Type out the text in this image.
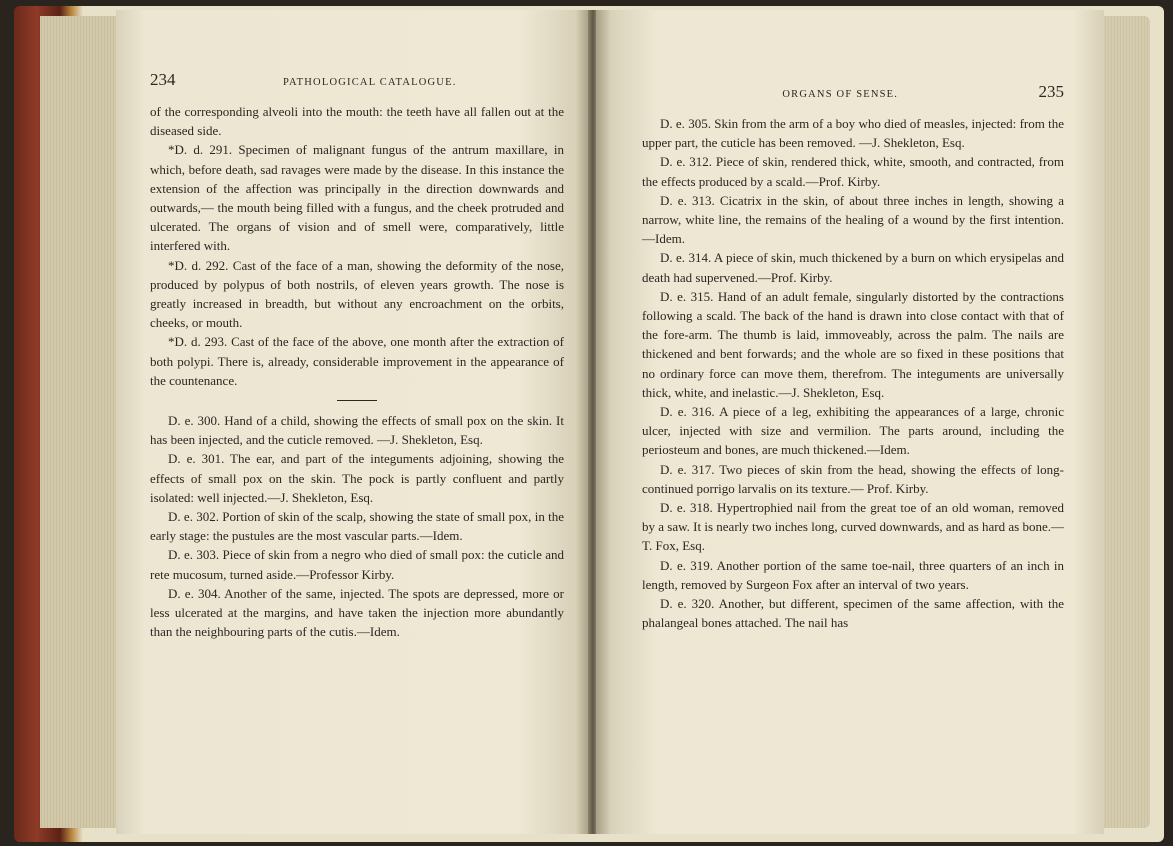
234	PATHOLOGICAL CATALOGUE.

of the corresponding alveoli into the mouth: the teeth have all fallen out at the diseased side.

*D. d. 291. Specimen of malignant fungus of the antrum maxillare, in which, before death, sad ravages were made by the disease. In this instance the extension of the affection was principally in the direction downwards and outwards,— the mouth being filled with a fungus, and the cheek protruded and ulcerated. The organs of vision and of smell were, comparatively, little interfered with.

*D. d. 292. Cast of the face of a man, showing the deformity of the nose, produced by polypus of both nostrils, of eleven years growth. The nose is greatly increased in breadth, but without any encroachment on the orbits, cheeks, or mouth.

*D. d. 293. Cast of the face of the above, one month after the extraction of both polypi. There is, already, considerable improvement in the appearance of the countenance.

D. e. 300. Hand of a child, showing the effects of small pox on the skin. It has been injected, and the cuticle removed. —J. Shekleton, Esq.

D. e. 301. The ear, and part of the integuments adjoining, showing the effects of small pox on the skin. The pock is partly confluent and partly isolated: well injected.—J. Shekleton, Esq.

D. e. 302. Portion of skin of the scalp, showing the state of small pox, in the early stage: the pustules are the most vascular parts.—Idem.

D. e. 303. Piece of skin from a negro who died of small pox: the cuticle and rete mucosum, turned aside.—Professor Kirby.

D. e. 304. Another of the same, injected. The spots are depressed, more or less ulcerated at the margins, and have taken the injection more abundantly than the neighbouring parts of the cutis.—Idem.

ORGANS OF SENSE.	235

D. e. 305. Skin from the arm of a boy who died of measles, injected: from the upper part, the cuticle has been removed. —J. Shekleton, Esq.

D. e. 312. Piece of skin, rendered thick, white, smooth, and contracted, from the effects produced by a scald.—Prof. Kirby.

D. e. 313. Cicatrix in the skin, of about three inches in length, showing a narrow, white line, the remains of the healing of a wound by the first intention.—Idem.

D. e. 314. A piece of skin, much thickened by a burn on which erysipelas and death had supervened.—Prof. Kirby.

D. e. 315. Hand of an adult female, singularly distorted by the contractions following a scald. The back of the hand is drawn into close contact with that of the fore-arm. The thumb is laid, immoveably, across the palm. The nails are thickened and bent forwards; and the whole are so fixed in these positions that no ordinary force can move them, therefrom. The integuments are universally thick, white, and inelastic.—J. Shekleton, Esq.

D. e. 316. A piece of a leg, exhibiting the appearances of a large, chronic ulcer, injected with size and vermilion. The parts around, including the periosteum and bones, are much thickened.—Idem.

D. e. 317. Two pieces of skin from the head, showing the effects of long-continued porrigo larvalis on its texture.— Prof. Kirby.

D. e. 318. Hypertrophied nail from the great toe of an old woman, removed by a saw. It is nearly two inches long, curved downwards, and as hard as bone.—T. Fox, Esq.

D. e. 319. Another portion of the same toe-nail, three quarters of an inch in length, removed by Surgeon Fox after an interval of two years.

D. e. 320. Another, but different, specimen of the same affection, with the phalangeal bones attached. The nail has
